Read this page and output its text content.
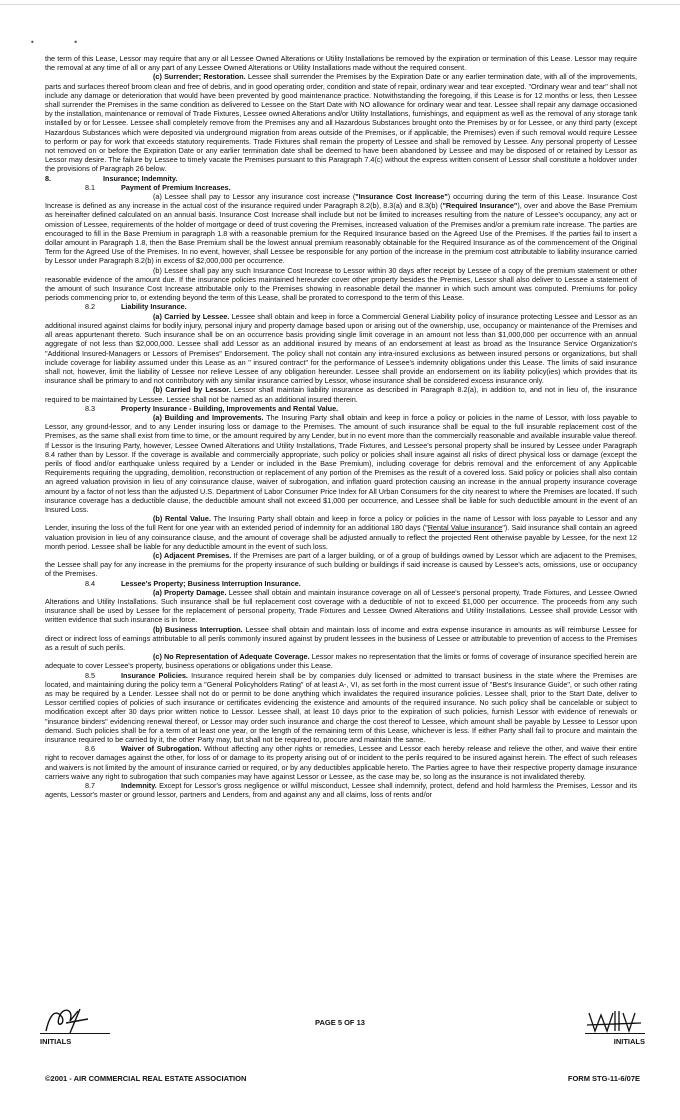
• •

the term of this Lease, Lessor may require that any or all Lessee Owned Alterations or Utility Installations be removed by the expiration or termination of this Lease. Lessor may require the removal at any time of all or any part of any Lessee Owned Alterations or Utility Installations made without the required consent.

(c) Surrender; Restoration. Lessee shall surrender the Premises by the Expiration Date or any earlier termination date, with all of the improvements, parts and surfaces thereof broom clean and free of debris, and in good operating order, condition and state of repair, ordinary wear and tear excepted. "Ordinary wear and tear" shall not include any damage or deterioration that would have been prevented by good maintenance practice. Notwithstanding the foregoing, if this Lease is for 12 months or less, then Lessee shall surrender the Premises in the same condition as delivered to Lessee on the Start Date with NO allowance for ordinary wear and tear. Lessee shall repair any damage occasioned by the installation, maintenance or removal of Trade Fixtures, Lessee owned Alterations and/or Utility Installations, furnishings, and equipment as well as the removal of any storage tank installed by or for Lessee. Lessee shall completely remove from the Premises any and all Hazardous Substances brought onto the Premises by or for Lessee, or any third party (except Hazardous Substances which were deposited via underground migration from areas outside of the Premises, or if applicable, the Premises) even if such removal would require Lessee to perform or pay for work that exceeds statutory requirements. Trade Fixtures shall remain the property of Lessee and shall be removed by Lessee. Any personal property of Lessee not removed on or before the Expiration Date or any earlier termination date shall be deemed to have been abandoned by Lessee and may be disposed of or retained by Lessor as Lessor may desire. The failure by Lessee to timely vacate the Premises pursuant to this Paragraph 7.4(c) without the express written consent of Lessor shall constitute a holdover under the provisions of Paragraph 26 below.

8.	Insurance; Indemnity.

8.1	Payment of Premium Increases.

(a) Lessee shall pay to Lessor any insurance cost increase ("Insurance Cost Increase") occurring during the term of this Lease. Insurance Cost Increase is defined as any increase in the actual cost of the insurance required under Paragraph 8.2(b), 8.3(a) and 8.3(b) ("Required Insurance"), over and above the Base Premium as hereinafter defined calculated on an annual basis. Insurance Cost Increase shall include but not be limited to increases resulting from the nature of Lessee's occupancy, any act or omission of Lessee, requirements of the holder of mortgage or deed of trust covering the Premises, increased valuation of the Premises and/or a premium rate increase. The parties are encouraged to fill in the Base Premium in paragraph 1.8 with a reasonable premium for the Required Insurance based on the Agreed Use of the Premises. If the parties fail to insert a dollar amount in Paragraph 1.8, then the Base Premium shall be the lowest annual premium reasonably obtainable for the Required Insurance as of the commencement of the Original Term for the Agreed Use of the Premises. In no event, however, shall Lessee be responsible for any portion of the increase in the premium cost attributable to liability insurance carried by Lessor under Paragraph 8.2(b) in excess of $2,000,000 per occurrence.

(b) Lessee shall pay any such Insurance Cost Increase to Lessor within 30 days after receipt by Lessee of a copy of the premium statement or other reasonable evidence of the amount due. If the insurance policies maintained hereunder cover other property besides the Premises, Lessor shall also deliver to Lessee a statement of the amount of such Insurance Cost Increase attributable only to the Premises showing in reasonable detail the manner in which such amount was computed. Premiums for policy periods commencing prior to, or extending beyond the term of this Lease, shall be prorated to correspond to the term of this Lease.

8.2	Liability Insurance.

(a) Carried by Lessee. Lessee shall obtain and keep in force a Commercial General Liability policy of insurance protecting Lessee and Lessor as an additional insured against claims for bodily injury, personal injury and property damage based upon or arising out of the ownership, use, occupancy or maintenance of the Premises and all areas appurtenant thereto. Such insurance shall be on an occurrence basis providing single limit coverage in an amount not less than $1,000,000 per occurrence with an annual aggregate of not less than $2,000,000. Lessee shall add Lessor as an additional insured by means of an endorsement at least as broad as the Insurance Service Organization's "Additional Insured-Managers or Lessors of Premises" Endorsement. The policy shall not contain any intra-insured exclusions as between insured persons or organizations, but shall include coverage for liability assumed under this Lease as an " insured contract" for the performance of Lessee's indemnity obligations under this Lease. The limits of said insurance shall not, however, limit the liability of Lessee nor relieve Lessee of any obligation hereunder. Lessee shall provide an endorsement on its liability policy(ies) which provides that its insurance shall be primary to and not contributory with any similar insurance carried by Lessor, whose insurance shall be considered excess insurance only.

(b) Carried by Lessor. Lessor shall maintain liability insurance as described in Paragraph 8.2(a), in addition to, and not in lieu of, the insurance required to be maintained by Lessee. Lessee shall not be named as an additional insured therein.

8.3	Property Insurance - Building, Improvements and Rental Value.

(a) Building and Improvements. The Insuring Party shall obtain and keep in force a policy or policies in the name of Lessor, with loss payable to Lessor, any ground-lessor, and to any Lender insuring loss or damage to the Premises. The amount of such insurance shall be equal to the full insurable replacement cost of the Premises, as the same shall exist from time to time, or the amount required by any Lender, but in no event more than the commercially reasonable and available insurable value thereof. If Lessor is the Insuring Party, however, Lessee Owned Alterations and Utility Installations, Trade Fixtures, and Lessee's personal property shall be insured by Lessee under Paragraph 8.4 rather than by Lessor. If the coverage is available and commercially appropriate, such policy or policies shall insure against all risks of direct physical loss or damage (except the perils of flood and/or earthquake unless required by a Lender or included in the Base Premium), including coverage for debris removal and the enforcement of any Applicable Requirements requiring the upgrading, demolition, reconstruction or replacement of any portion of the Premises as the result of a covered loss. Said policy or policies shall also contain an agreed valuation provision in lieu of any coinsurance clause, waiver of subrogation, and inflation guard protection causing an increase in the annual property insurance coverage amount by a factor of not less than the adjusted U.S. Department of Labor Consumer Price Index for All Urban Consumers for the city nearest to where the Premises are located. If such insurance coverage has a deductible clause, the deductible amount shall not exceed $1,000 per occurrence, and Lessee shall be liable for such deductible amount in the event of an Insured Loss.

(b) Rental Value. The Insuring Party shall obtain and keep in force a policy or policies in the name of Lessor with loss payable to Lessor and any Lender, insuring the loss of the full Rent for one year with an extended period of indemnity for an additional 180 days ("Rental Value insurance"). Said insurance shall contain an agreed valuation provision in lieu of any coinsurance clause, and the amount of coverage shall be adjusted annually to reflect the projected Rent otherwise payable by Lessee, for the next 12 month period. Lessee shall be liable for any deductible amount in the event of such loss.

(c) Adjacent Premises. If the Premises are part of a larger building, or of a group of buildings owned by Lessor which are adjacent to the Premises, the Lessee shall pay for any increase in the premiums for the property insurance of such building or buildings if said increase is caused by Lessee's acts, omissions, use or occupancy of the Premises.

8.4	Lessee's Property; Business Interruption Insurance.

(a) Property Damage. Lessee shall obtain and maintain insurance coverage on all of Lessee's personal property, Trade Fixtures, and Lessee Owned Alterations and Utility Installations. Such insurance shall be full replacement cost coverage with a deductible of not to exceed $1,000 per occurrence. The proceeds from any such insurance shall be used by Lessee for the replacement of personal property, Trade Fixtures and Lessee Owned Alterations and Utility Installations. Lessee shall provide Lessor with written evidence that such insurance is in force.

(b) Business Interruption. Lessee shall obtain and maintain loss of income and extra expense insurance in amounts as will reimburse Lessee for direct or indirect loss of earnings attributable to all perils commonly insured against by prudent lessees in the business of Lessee or attributable to prevention of access to the Premises as a result of such perils.

(c) No Representation of Adequate Coverage. Lessor makes no representation that the limits or forms of coverage of insurance specified herein are adequate to cover Lessee's property, business operations or obligations under this Lease.

8.5	Insurance Policies. Insurance required herein shall be by companies duly licensed or admitted to transact business in the state where the Premises are located, and maintaining during the policy term a "General Policyholders Rating" of at least A-, VI, as set forth in the most current issue of "Best's Insurance Guide", or such other rating as may be required by a Lender. Lessee shall not do or permit to be done anything which invalidates the required insurance policies. Lessee shall, prior to the Start Date, deliver to Lessor certified copies of policies of such insurance or certificates evidencing the existence and amounts of the required insurance. No such policy shall be cancelable or subject to modification except after 30 days prior written notice to Lessor. Lessee shall, at least 10 days prior to the expiration of such policies, furnish Lessor with evidence of renewals or "insurance binders" evidencing renewal thereof, or Lessor may order such insurance and charge the cost thereof to Lessee, which amount shall be payable by Lessee to Lessor upon demand. Such policies shall be for a term of at least one year, or the length of the remaining term of this Lease, whichever is less. If either Party shall fail to procure and maintain the insurance required to be carried by it, the other Party may, but shall not be required to, procure and maintain the same.

8.6	Waiver of Subrogation. Without affecting any other rights or remedies, Lessee and Lessor each hereby release and relieve the other, and waive their entire right to recover damages against the other, for loss of or damage to its property arising out of or incident to the perils required to be insured against herein. The effect of such releases and waivers is not limited by the amount of insurance carried or required, or by any deductibles applicable hereto. The Parties agree to have their respective property damage insurance carriers waive any right to subrogation that such companies may have against Lessor or Lessee, as the case may be, so long as the insurance is not invalidated thereby.

8.7	Indemnity. Except for Lessor's gross negligence or willful misconduct, Lessee shall indemnify, protect, defend and hold harmless the Premises, Lessor and its agents, Lessor's master or ground lessor, partners and Lenders, from and against any and all claims, loss of rents and/or

INITIALS
PAGE 5 OF 13
INITIALS
©2001 - AIR COMMERCIAL REAL ESTATE ASSOCIATION	FORM STG-11-6/07E
